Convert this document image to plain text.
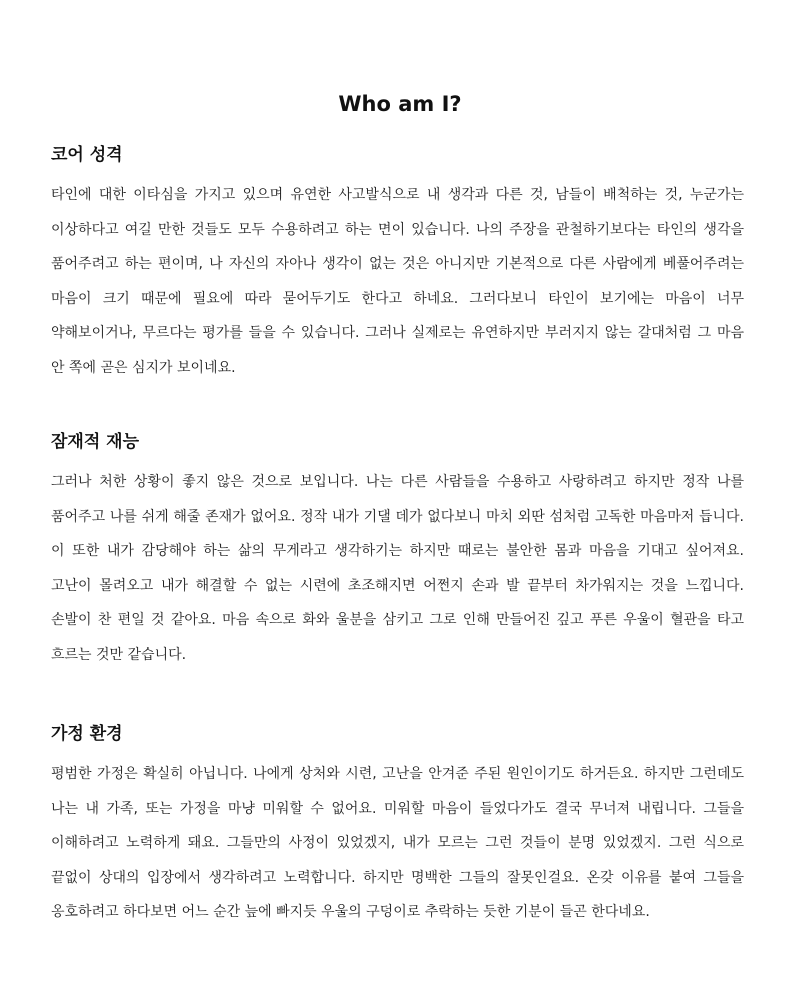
Who am I?
코어 성격

타인에 대한 이타심을 가지고 있으며 유연한 사고발식으로 내 생각과 다른 것, 남들이 배척하는 것, 누군가는 이상하다고 여길 만한 것들도 모두 수용하려고 하는 면이 있습니다. 나의 주장을 관철하기보다는 타인의 생각을 품어주려고 하는 편이며, 나 자신의 자아나 생각이 없는 것은 아니지만 기본적으로 다른 사람에게 베풀어주려는 마음이 크기 때문에 필요에 따라 묻어두기도 한다고 하네요. 그러다보니 타인이 보기에는 마음이 너무 약해보이거나, 무르다는 평가를 들을 수 있습니다. 그러나 실제로는 유연하지만 부러지지 않는 갈대처럼 그 마음 안 쪽에 곧은 심지가 보이네요.

잠재적 재능

그러나 처한 상황이 좋지 않은 것으로 보입니다. 나는 다른 사람들을 수용하고 사랑하려고 하지만 정작 나를 품어주고 나를 쉬게 해줄 존재가 없어요. 정작 내가 기댈 데가 없다보니 마치 외딴 섬처럼 고독한 마음마저 듭니다. 이 또한 내가 감당해야 하는 삶의 무게라고 생각하기는 하지만 때로는 불안한 몸과 마음을 기대고 싶어져요. 고난이 몰려오고 내가 해결할 수 없는 시련에 초조해지면 어쩐지 손과 발 끝부터 차가워지는 것을 느낍니다. 손발이 찬 편일 것 같아요. 마음 속으로 화와 울분을 삼키고 그로 인해 만들어진 깊고 푸른 우울이 혈관을 타고 흐르는 것만 같습니다.

가정 환경

평범한 가정은 확실히 아닙니다. 나에게 상처와 시련, 고난을 안겨준 주된 원인이기도 하거든요. 하지만 그런데도 나는 내 가족, 또는 가정을 마냥 미워할 수 없어요. 미워할 마음이 들었다가도 결국 무너져 내립니다. 그들을 이해하려고 노력하게 돼요. 그들만의 사정이 있었겠지, 내가 모르는 그런 것들이 분명 있었겠지. 그런 식으로 끝없이 상대의 입장에서 생각하려고 노력합니다. 하지만 명백한 그들의 잘못인걸요. 온갖 이유를 붙여 그들을 옹호하려고 하다보면 어느 순간 늪에 빠지듯 우울의 구덩이로 추락하는 듯한 기분이 들곤 한다네요.
